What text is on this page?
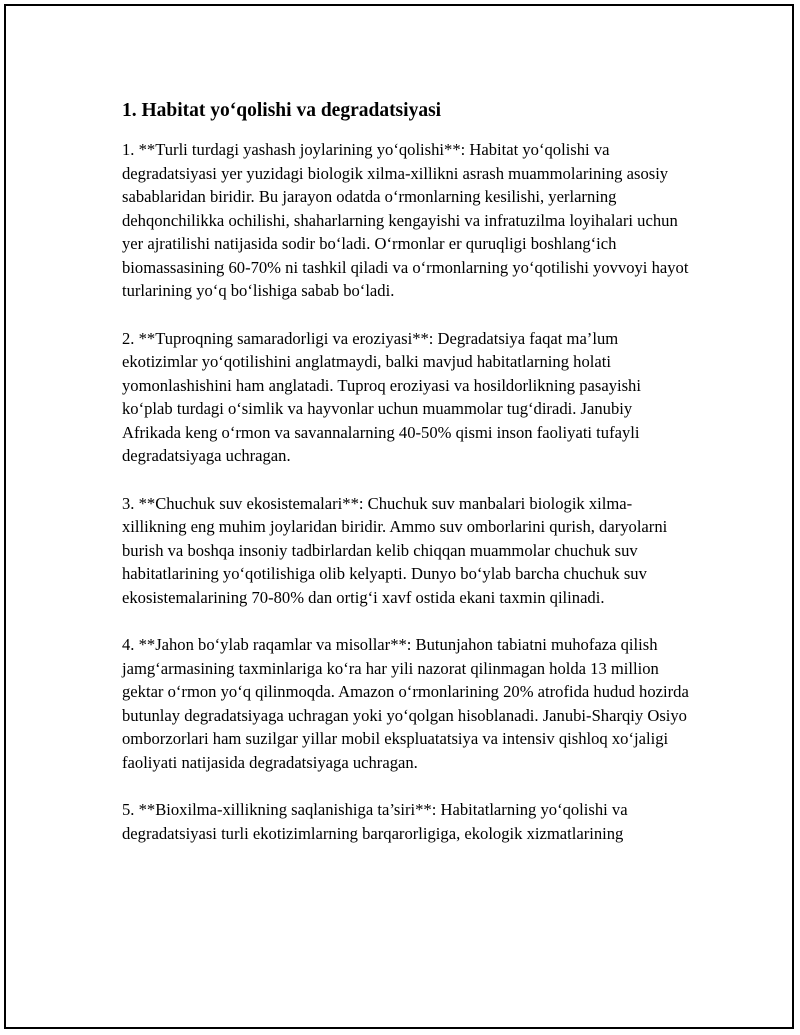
1. Habitat yo‘qolishi va degradatsiyasi

1. **Turli turdagi yashash joylarining yo‘qolishi**: Habitat yo‘qolishi va degradatsiyasi yer yuzidagi biologik xilma-xillikni asrash muammolarining asosiy sabablaridan biridir. Bu jarayon odatda o‘rmonlarning kesilishi, yerlarning dehqonchilikka ochilishi, shaharlarning kengayishi va infratuzilma loyihalari uchun yer ajratilishi natijasida sodir bo‘ladi. O‘rmonlar er quruqligi boshlang‘ich biomassasining 60-70% ni tashkil qiladi va o‘rmonlarning yo‘qotilishi yovvoyi hayot turlarining yo‘q bo‘lishiga sabab bo‘ladi.

2. **Tuproqning samaradorligi va eroziyasi**: Degradatsiya faqat ma’lum ekotizimlar yo‘qotilishini anglatmaydi, balki mavjud habitatlarning holati yomonlashishini ham anglatadi. Tuproq eroziyasi va hosildorlikning pasayishi ko‘plab turdagi o‘simlik va hayvonlar uchun muammolar tug‘diradi. Janubiy Afrikada keng o‘rmon va savannalarning 40-50% qismi inson faoliyati tufayli degradatsiyaga uchragan.

3. **Chuchuk suv ekosistemalari**: Chuchuk suv manbalari biologik xilma-xillikning eng muhim joylaridan biridir. Ammo suv omborlarini qurish, daryolarni burish va boshqa insoniy tadbirlardan kelib chiqqan muammolar chuchuk suv habitatlarining yo‘qotilishiga olib kelyapti. Dunyo bo‘ylab barcha chuchuk suv ekosistemalarining 70-80% dan ortig‘i xavf ostida ekani taxmin qilinadi.

4. **Jahon bo‘ylab raqamlar va misollar**: Butunjahon tabiatni muhofaza qilish jamg‘armasining taxminlariga ko‘ra har yili nazorat qilinmagan holda 13 million gektar o‘rmon yo‘q qilinmoqda. Amazon o‘rmonlarining 20% atrofida hudud hozirda butunlay degradatsiyaga uchragan yoki yo‘qolgan hisoblanadi. Janubi-Sharqiy Osiyo omborzorlari ham suzilgar yillar mobil ekspluatatsiya va intensiv qishloq xo‘jaligi faoliyati natijasida degradatsiyaga uchragan.

5. **Bioxilma-xillikning saqlanishiga ta’siri**: Habitatlarning yo‘qolishi va degradatsiyasi turli ekotizimlarning barqarorligiga, ekologik xizmatlarining
